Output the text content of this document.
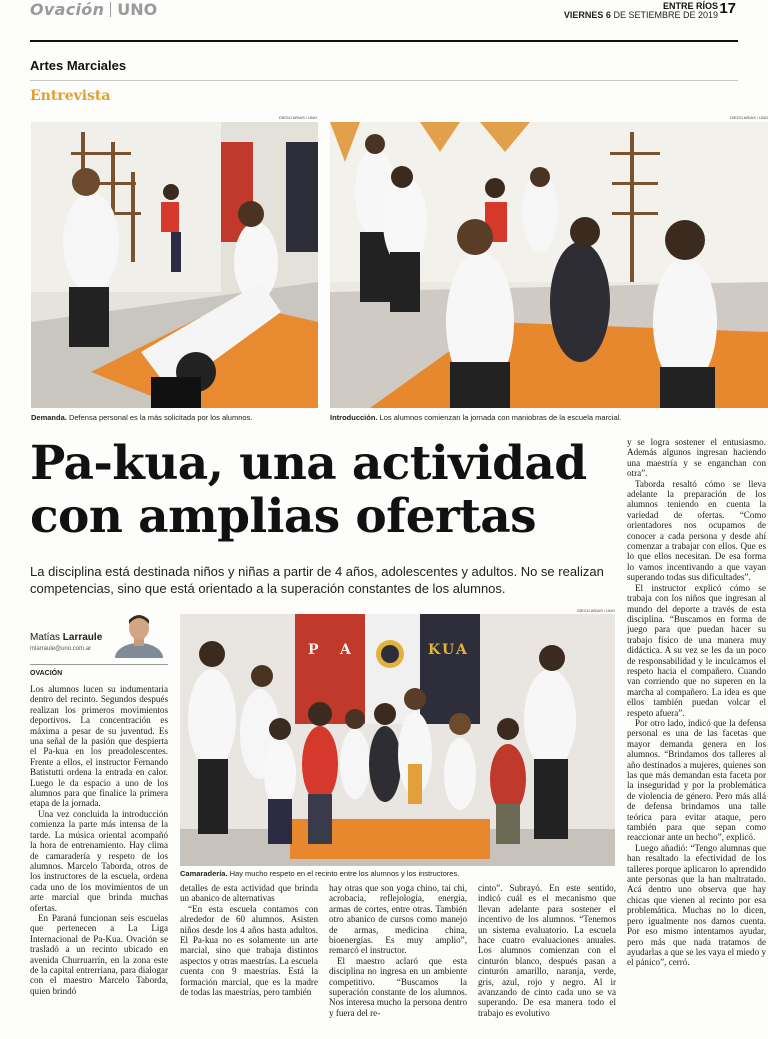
Ovación UNO	ENTRE RÍOS
VIERNES 6 DE SETIEMBRE DE 2019 17
Artes Marciales
Entrevista
DIEGO ARIAS / UNO
Demanda. Defensa personal es la más solicitada por los alumnos.
DIEGO ARIAS / UNO
Introducción. Los alumnos comienzan la jornada con maniobras de la escuela marcial.
Pa-kua, una actividad con amplias ofertas
La disciplina está destinada niños y niñas a partir de 4 años, adolescentes y adultos. No se realizan competencias, sino que está orientado a la superación constantes de los alumnos.
Matías Larraule
mlarraule@uno.com.ar
OVACIÓN
DIEGO ARIAS / UNO
P A	K U A
Camaradería. Hay mucho respeto en el recinto entre los alumnos y los instructores.

Los alumnos lucen su indumentaria dentro del recinto. Segundos después realizan los primeros movimientos deportivos. La concentración es máxima a pesar de su juventud. Es una señal de la pasión que despierta el Pa-kua en los preadolescentes. Frente a ellos, el instructor Fernando Batistutti ordena la entrada en calor. Luego le da espacio a uno de los alumnos para que finalice la primera etapa de la jornada.

Una vez concluida la introducción comienza la parte más intensa de la tarde. La música oriental acompañó la hora de entrenamiento. Hay clima de camaradería y respeto de los alumnos. Marcelo Taborda, otros de los instructores de la escuela, ordena cada uno de los movimientos de un arte marcial que brinda muchas ofertas.

En Paraná funcionan seis escuelas que pertenecen a La Liga Internacional de Pa-Kua. Ovación se trasladó a un recinto ubicado en avenida Churruarrín, en la zona este de la capital entrerriana, para dialogar con el maestro Marcelo Taborda, quien brindó

detalles de esta actividad que brinda un abanico de alternativas

“En esta escuela contamos con alrededor de 60 alumnos. Asisten niños desde los 4 años hasta adultos. El Pa-kua no es solamente un arte marcial, sino que trabaja distintos aspectos y otras maestrías. La escuela cuenta con 9 maestrías. Está la formación marcial, que es la madre de todas las maestrías, pero también

hay otras que son yoga chino, tai chi, acrobacia, reflejología, energía, armas de cortes, entre otras. También otro abanico de cursos como manejo de armas, medicina china, bioenergías. Es muy amplio”, remarcó el instructor.

El maestro aclaró que esta disciplina no ingresa en un ambiente competitivo. “Buscamos la superación constante de los alumnos. Nos interesa mucho la persona dentro y fuera del re-

cinto”. Subrayó. En este sentido, indicó cuál es el mecanismo que llevan adelante para sostener el incentivo de los alumnos. “Tenemos un sistema evaluatorio. La escuela hace cuatro evaluaciones anuales. Los alumnos comienzan con el cinturón blanco, después pasan a cinturón amarillo, naranja, verde, gris, azul, rojo y negro. Al ir avanzando de cinto cada uno se va superando. De esa manera todo el trabajo es evolutivo

y se logra sostener el entusiasmo. Además algunos ingresan haciendo una maestría y se enganchan con otra”.

Taborda resaltó cómo se lleva adelante la preparación de los alumnos teniendo en cuenta la variedad de ofertas. “Como orientadores nos ocupamos de conocer a cada persona y desde ahí comenzar a trabajar con ellos. Que es lo que ellos necesitan. De esa forma lo vamos incentivando a que vayan superando todas sus dificultades”.

El instructor explicó cómo se trabaja con los niños que ingresan al mundo del deporte a través de esta disciplina. “Buscamos en forma de juego para que puedan hacer su trabajo físico de una manera muy didáctica. A su vez se les da un poco de responsabilidad y le inculcamos el respeto hacia el compañero. Cuando van corriendo que no superen en la marcha al compañero. La idea es que ellos también puedan volcar el respeto afuera”.

Por otro lado, indicó que la defensa personal es una de las facetas que mayor demanda genera en los alumnos. “Brindamos dos talleres al año destinados a mujeres, quienes son las que más demandan esta faceta por la inseguridad y por la problemática de violencia de género. Pero más allá de defensa brindamos una talle teórica para evitar ataque, pero también para que sepan como reaccionar ante un hecho”, explicó.

Luego añadió: “Tengo alumnas que han resaltado la efectividad de los talleres porque aplicaron lo aprendido ante personas que la han maltratado. Acá dentro uno observa que hay chicas que vienen al recinto por esa problemática. Muchas no lo dicen, pero igualmente nos damos cuenta. Por eso mismo intentamos ayudar, pero más que nada tratamos de ayudarlas a que se les vaya el miedo y el pánico”, cerró.
